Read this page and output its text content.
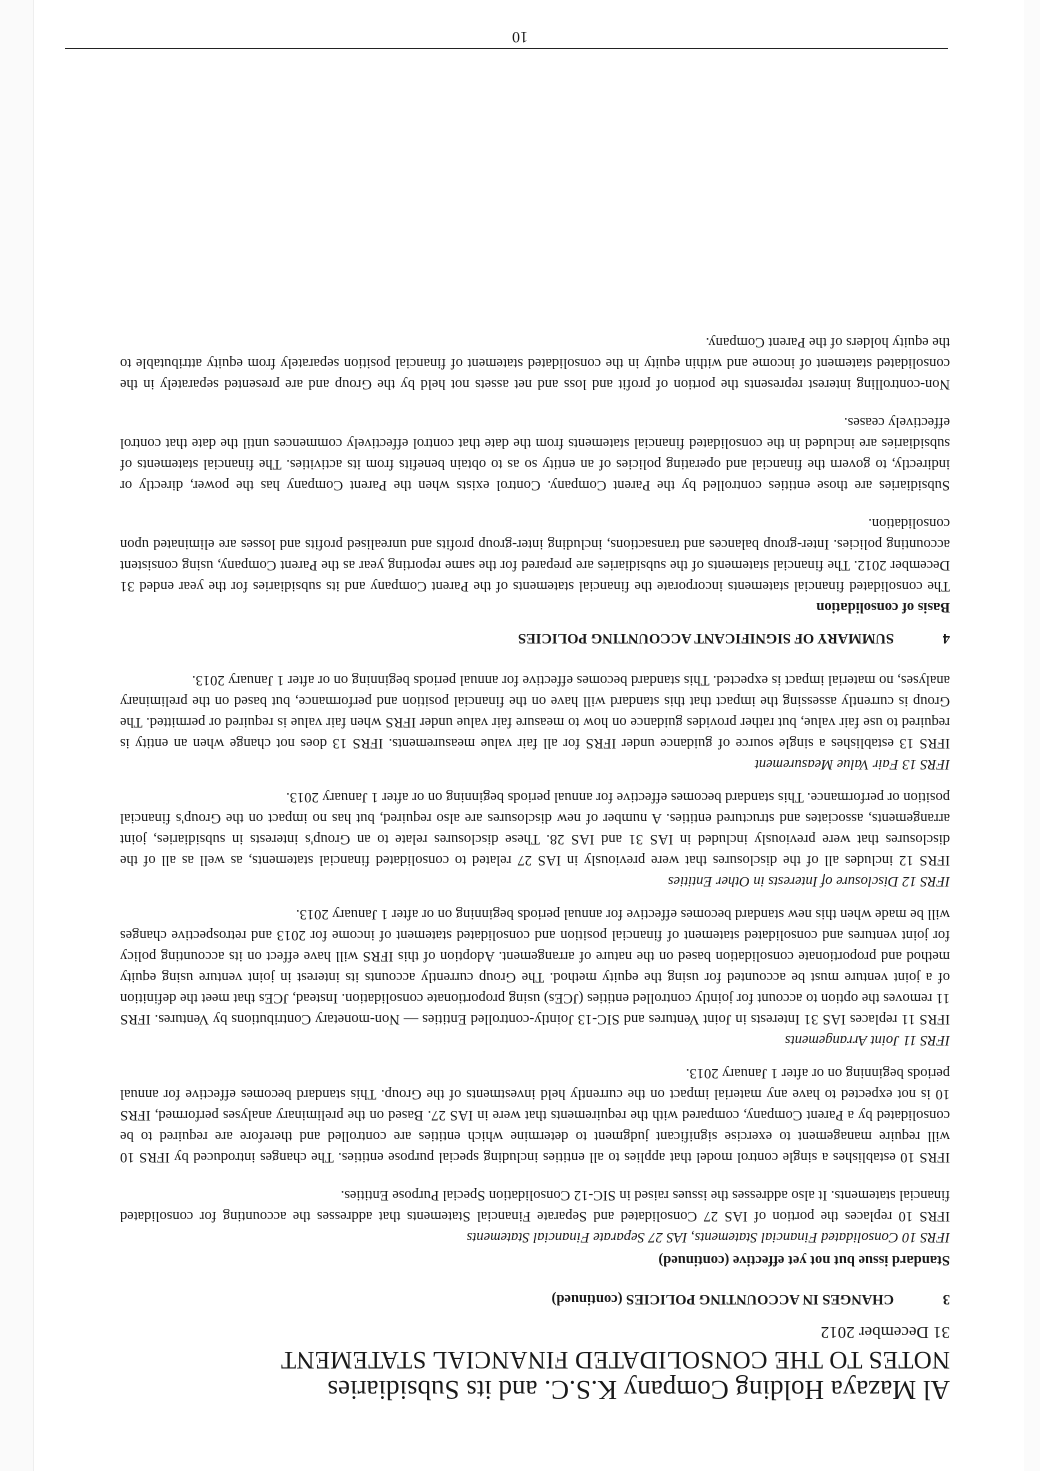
Al Mazaya Holding Company K.S.C. and its Subsidiaries
NOTES TO THE CONSOLIDATED FINANCIAL STATEMENT
31 December 2012
3
CHANGES IN ACCOUNTING POLICIES (continued)
Standard issue but not yet effective (continued)
IFRS 10 Consolidated Financial Statements, IAS 27 Separate Financial Statements

IFRS 10 replaces the portion of IAS 27 Consolidated and Separate Financial Statements that addresses the accounting for consolidated financial statements. It also addresses the issues raised in SIC-12 Consolidation Special Purpose Entities.

IFRS 10 establishes a single control model that applies to all entities including special purpose entities. The changes introduced by IFRS 10 will require management to exercise significant judgment to determine which entities are controlled and therefore are required to be consolidated by a Parent Company, compared with the requirements that were in IAS 27. Based on the preliminary analyses performed, IFRS 10 is not expected to have any material impact on the currently held investments of the Group. This standard becomes effective for annual periods beginning on or after 1 January 2013.

IFRS 11 Joint Arrangements

IFRS 11 replaces IAS 31 Interests in Joint Ventures and SIC-13 Jointly-controlled Entities — Non-monetary Contributions by Ventures. IFRS 11 removes the option to account for jointly controlled entities (JCEs) using proportionate consolidation. Instead, JCEs that meet the definition of a joint venture must be accounted for using the equity method. The Group currently accounts its interest in joint venture using equity method and proportionate consolidation based on the nature of arrangement. Adoption of this IFRS will have effect on its accounting policy for joint ventures and consolidated statement of financial position and consolidated statement of income for 2013 and retrospective changes will be made when this new standard becomes effective for annual periods beginning on or after 1 January 2013.

IFRS 12 Disclosure of Interests in Other Entities

IFRS 12 includes all of the disclosures that were previously in IAS 27 related to consolidated financial statements, as well as all of the disclosures that were previously included in IAS 31 and IAS 28. These disclosures relate to an Group's interests in subsidiaries, joint arrangements, associates and structured entities. A number of new disclosures are also required, but has no impact on the Group's financial position or performance. This standard becomes effective for annual periods beginning on or after 1 January 2013.

IFRS 13 Fair Value Measurement

IFRS 13 establishes a single source of guidance under IFRS for all fair value measurements. IFRS 13 does not change when an entity is required to use fair value, but rather provides guidance on how to measure fair value under IFRS when fair value is required or permitted. The Group is currently assessing the impact that this standard will have on the financial position and performance, but based on the preliminary analyses, no material impact is expected. This standard becomes effective for annual periods beginning on or after 1 January 2013.

4
SUMMARY OF SIGNIFICANT ACCOUNTING POLICIES
Basis of consolidation

The consolidated financial statements incorporate the financial statements of the Parent Company and its subsidiaries for the year ended 31 December 2012. The financial statements of the subsidiaries are prepared for the same reporting year as the Parent Company, using consistent accounting policies. Inter-group balances and transactions, including inter-group profits and unrealised profits and losses are eliminated upon consolidation.

Subsidiaries are those entities controlled by the Parent Company. Control exists when the Parent Company has the power, directly or indirectly, to govern the financial and operating policies of an entity so as to obtain benefits from its activities. The financial statements of subsidiaries are included in the consolidated financial statements from the date that control effectively commences until the date that control effectively ceases.

Non-controlling interest represents the portion of profit and loss and net assets not held by the Group and are presented separately in the consolidated statement of income and within equity in the consolidated statement of financial position separately from equity attributable to the equity holders of the Parent Company.

10
